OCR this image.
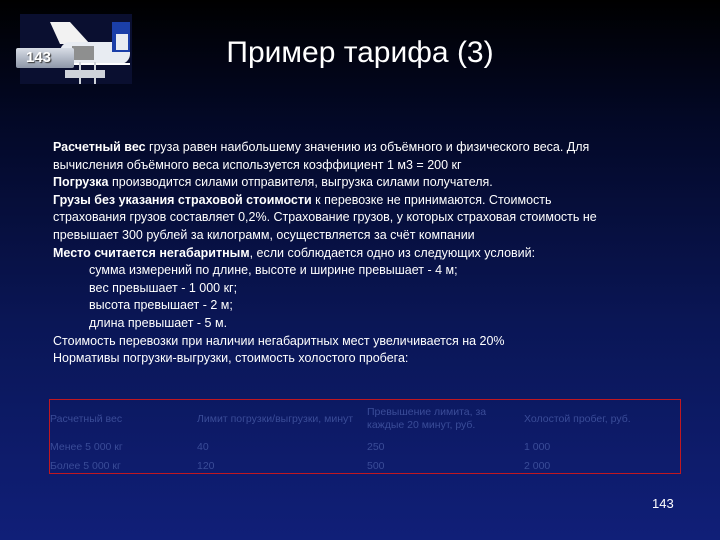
143	Пример тарифа (3)
Расчетный вес груза равен наибольшему значению из объёмного и физического веса. Для
вычисления объёмного веса используется коэффициент 1 м3 = 200 кг
Погрузка производится силами отправителя, выгрузка силами получателя.
Грузы без указания страховой стоимости к перевозке не принимаются. Стоимость
страхования грузов составляет 0,2%. Страхование грузов, у которых страховая стоимость не
превышает 300 рублей за килограмм, осуществляется за счёт компании
Место считается негабаритным, если соблюдается одно из следующих условий:
сумма измерений по длине, высоте и ширине превышает - 4 м;
вес превышает - 1 000 кг;
высота превышает - 2 м;
длина превышает - 5 м.
Стоимость перевозки при наличии негабаритных мест увеличивается на 20%
Нормативы погрузки-выгрузки, стоимость холостого пробега:
Расчетный вес	Лимит погрузки/выгрузки, минут	Превышение лимита, за каждые 20 минут, руб.	Холостой пробег, руб.
Менее 5 000 кг	40	250	1 000
Более 5 000 кг	120	500	2 000
143
